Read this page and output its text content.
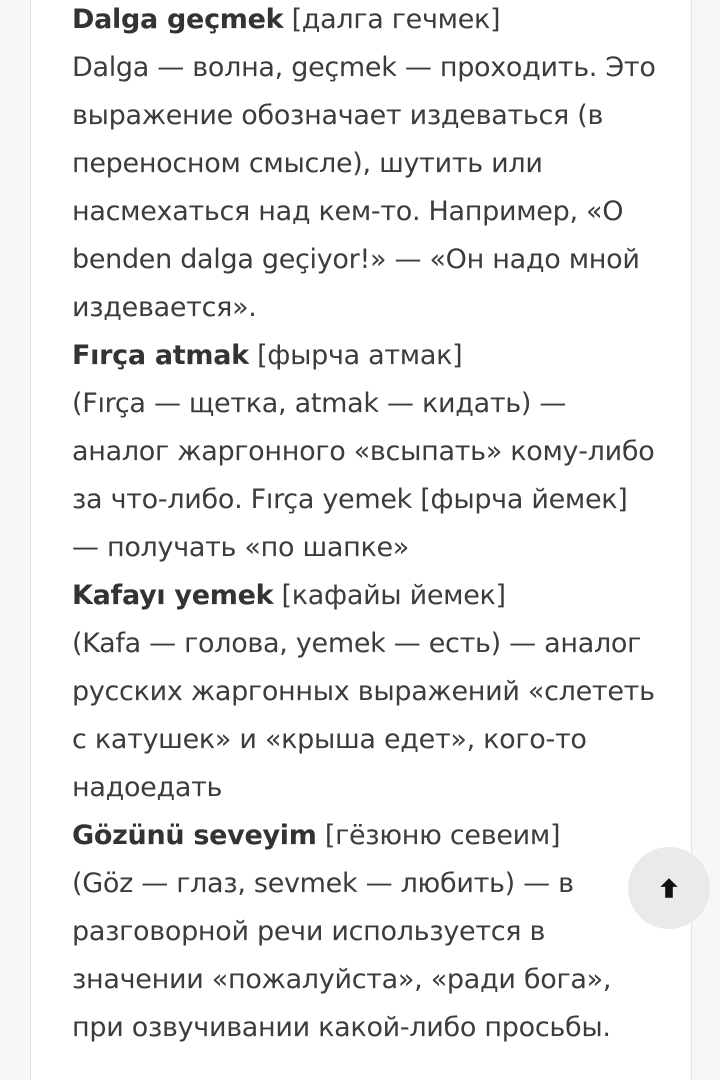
Dalga geçmek [далга гечмек]
Dalga — волна, geçmek — проходить. Это
выражение обозначает издеваться (в
переносном смысле), шутить или
насмехаться над кем-то. Например, «O
benden dalga geçiyor!» — «Он надо мной
издевается».
Fırça atmak [фырча атмак]
(Fırça — щетка, atmak — кидать) —
аналог жаргонного «всыпать» кому-либо
за что-либо. Fırça yemek [фырча йемек]
— получать «по шапке»
Kafayı yemek [кафайы йемек]
(Kafa — голова, yemek — есть) — аналог
русских жаргонных выражений «слететь
с катушек» и «крыша едет», кого-то
надоедать
Gözünü seveyim [гёзюню севеим]
(Göz — глаз, sevmek — любить) — в
разговорной речи используется в
значении «пожалуйста», «ради бога»,
при озвучивании какой-либо просьбы.
